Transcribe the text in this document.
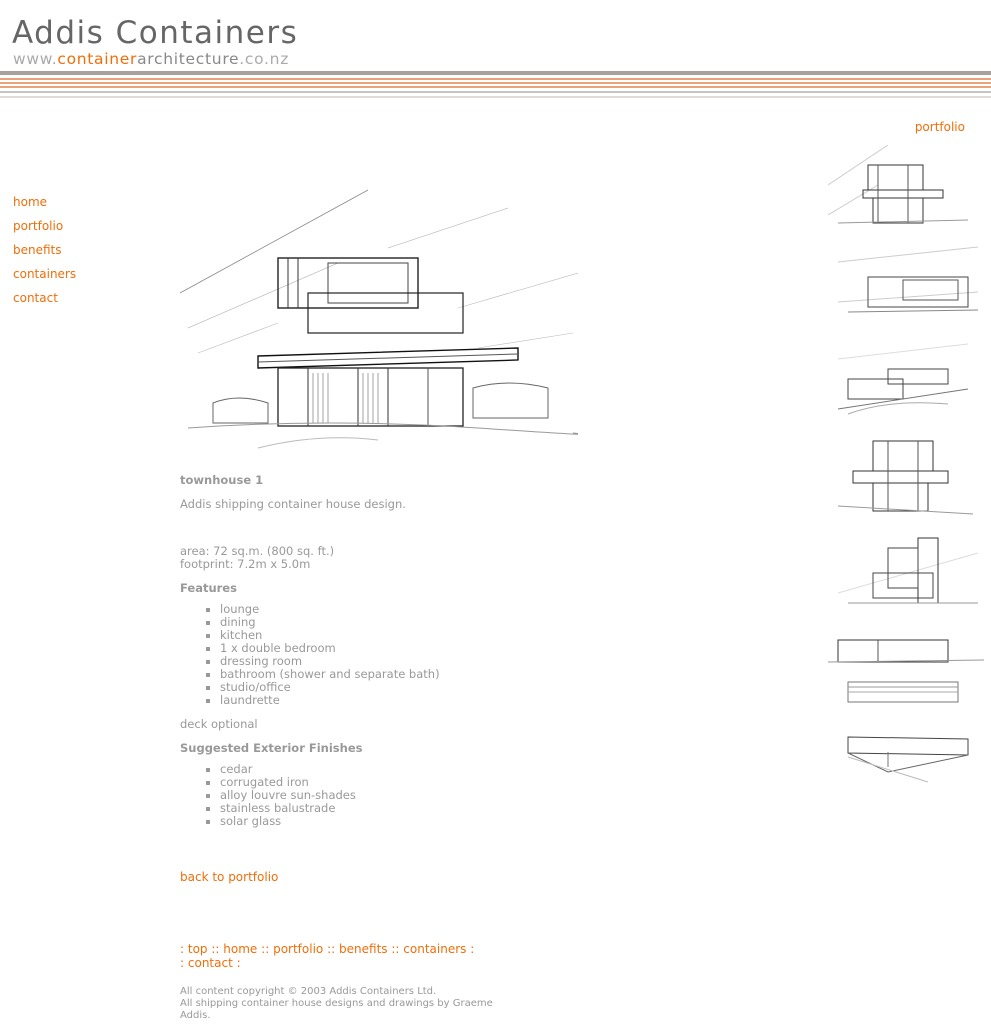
Addis Containers
www.containerarchitecture.co.nz
home
portfolio
benefits
containers
contact
portfolio
townhouse 1

Addis shipping container house design.

area: 72 sq.m. (800 sq. ft.)

footprint: 7.2m x 5.0m

Features
▪ lounge
▪ dining
▪ kitchen
▪ 1 x double bedroom
▪ dressing room
▪ bathroom (shower and separate bath)
▪ studio/office
▪ laundrette

deck optional

Suggested Exterior Finishes
▪ cedar
▪ corrugated iron
▪ alloy louvre sun-shades
▪ stainless balustrade
▪ solar glass
back to portfolio
: top :: home :: portfolio :: benefits :: containers :
: contact :
All content copyright © 2003 Addis Containers Ltd.
All shipping container house designs and drawings by Graeme Addis.
